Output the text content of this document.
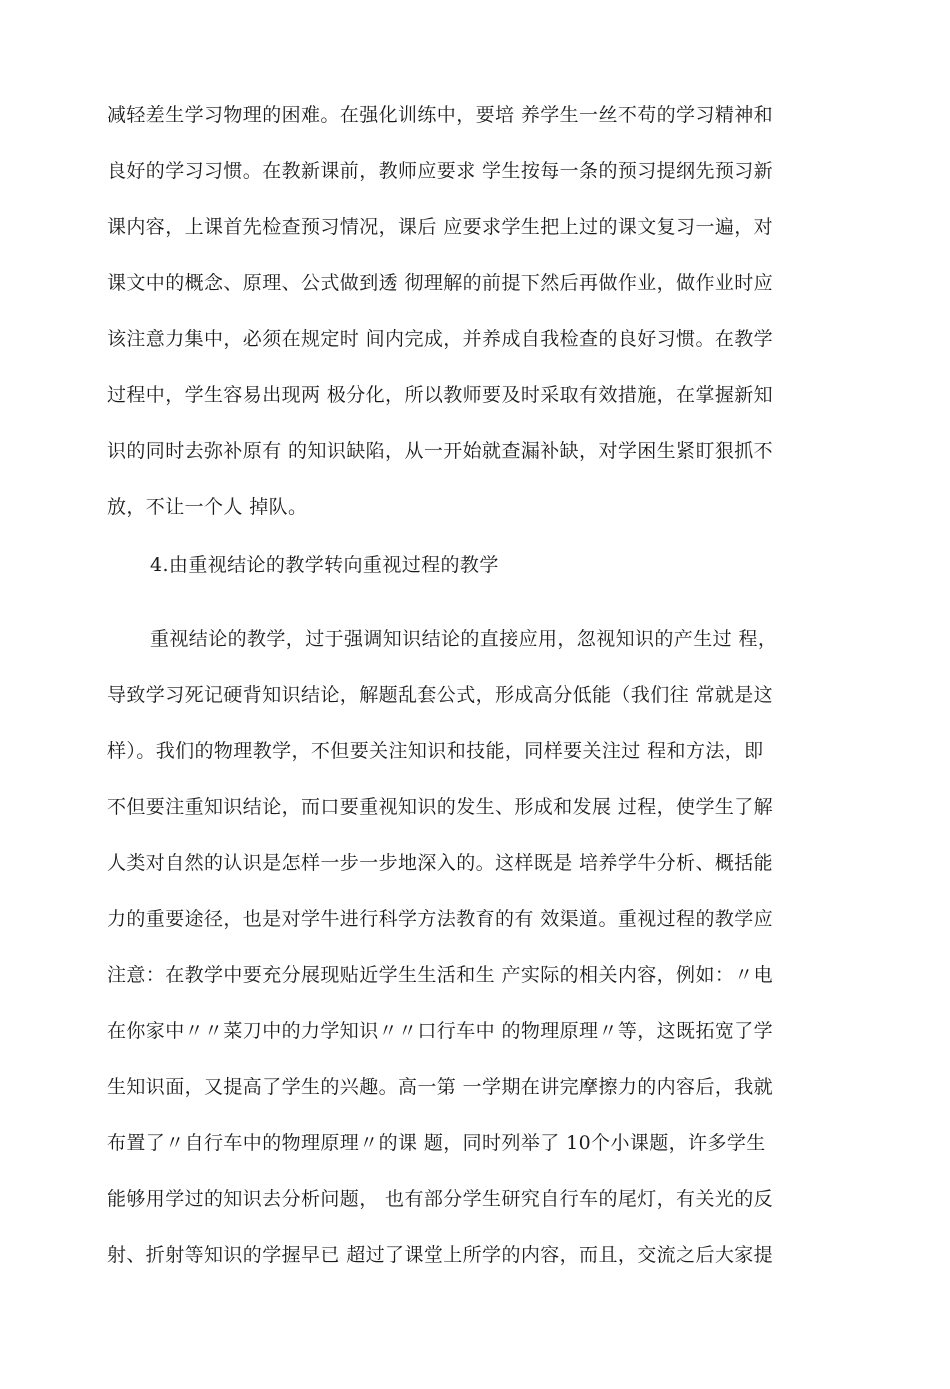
减轻差生学习物理的困难。在强化训练中，要培 养学生一丝不苟的学习精神和
良好的学习习惯。在教新课前，教师应要求 学生按每一条的预习提纲先预习新
课内容，上课首先检查预习情况，课后 应要求学生把上过的课文复习一遍，对
课文中的概念、原理、公式做到透 彻理解的前提下然后再做作业，做作业时应
该注意力集中，必须在规定时 间内完成，并养成自我检查的良好习惯。在教学
过程中，学生容易出现两 极分化，所以教师要及时采取有效措施，在掌握新知
识的同时去弥补原有 的知识缺陷，从一开始就查漏补缺，对学困生紧盯狠抓不
放，不让一个人 掉队。
4.由重视结论的教学转向重视过程的教学
重视结论的教学，过于强调知识结论的直接应用，忽视知识的产生过 程，
导致学习死记硬背知识结论，解题乱套公式，形成高分低能（我们往 常就是这
样）。我们的物理教学，不但要关注知识和技能，同样要关注过 程和方法，即
不但要注重知识结论，而口要重视知识的发生、形成和发展 过程，使学生了解
人类对自然的认识是怎样一步一步地深入的。这样既是 培养学牛分析、概括能
力的重要途径，也是对学牛进行科学方法教育的有 效渠道。重视过程的教学应
注意：在教学中要充分展现贴近学生生活和生 产实际的相关内容，例如：〃电
在你家中〃〃菜刀中的力学知识〃〃口行车中 的物理原理〃等，这既拓宽了学
生知识面，又提高了学生的兴趣。高一第 一学期在讲完摩擦力的内容后，我就
布置了〃自行车中的物理原理〃的课 题，同时列举了 10个小课题，许多学生
能够用学过的知识去分析问题， 也有部分学生研究自行车的尾灯，有关光的反
射、折射等知识的学握早已 超过了课堂上所学的内容，而且，交流之后大家提
